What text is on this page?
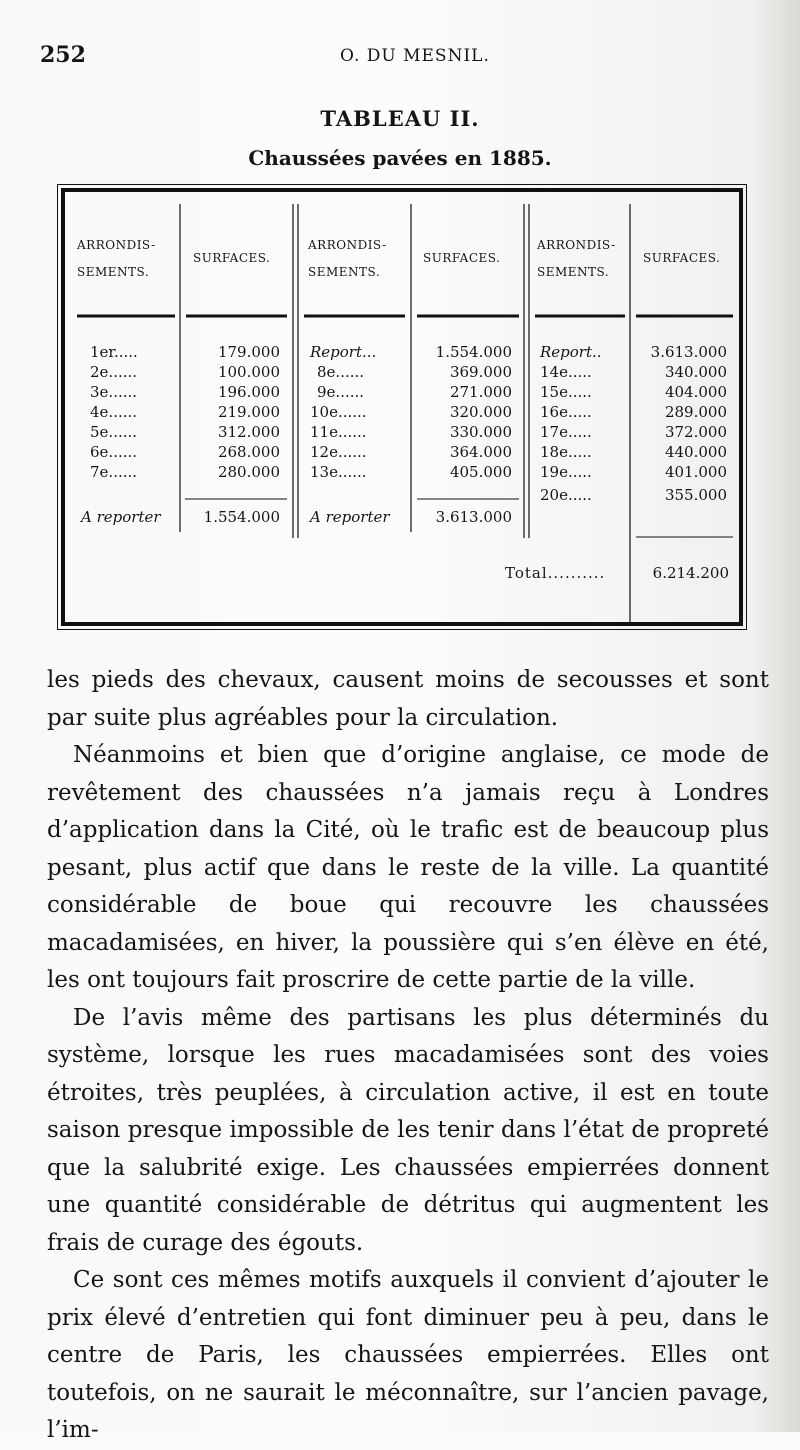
252	O. DU MESNIL.
TABLEAU II.
Chaussées pavées en 1885.
ARRONDIS-
SEMENTS.
SURFACES.
ARRONDIS-
SEMENTS.
SURFACES.
ARRONDIS-
SEMENTS.
SURFACES.
1er.....	179.000
2e......	100.000
3e......	196.000
4e......	219.000
5e......	312.000
6e......	268.000
7e......	280.000
A reporter	1.554.000
Report...	1.554.000
8e......	369.000
9e......	271.000
10e......	320.000
11e......	330.000
12e......	364.000
13e......	405.000
A reporter	3.613.000
Report..	3.613.000
14e.....	340.000
15e.....	404.000
16e.....	289.000
17e.....	372.000
18e.....	440.000
19e.....	401.000
20e.....	355.000
Total..........	6.214.200

les pieds des chevaux, causent moins de secousses et sont par suite plus agréables pour la circulation.

Néanmoins et bien que d’origine anglaise, ce mode de revêtement des chaussées n’a jamais reçu à Londres d’application dans la Cité, où le trafic est de beaucoup plus pesant, plus actif que dans le reste de la ville. La quantité considérable de boue qui recouvre les chaussées macadamisées, en hiver, la poussière qui s’en élève en été, les ont toujours fait proscrire de cette partie de la ville.

De l’avis même des partisans les plus déterminés du système, lorsque les rues macadamisées sont des voies étroites, très peuplées, à circulation active, il est en toute saison presque impossible de les tenir dans l’état de propreté que la salubrité exige. Les chaussées empierrées donnent une quantité considérable de détritus qui augmentent les frais de curage des égouts.

Ce sont ces mêmes motifs auxquels il convient d’ajouter le prix élevé d’entretien qui font diminuer peu à peu, dans le centre de Paris, les chaussées empierrées. Elles ont toutefois, on ne saurait le méconnaître, sur l’ancien pavage, l’im-
